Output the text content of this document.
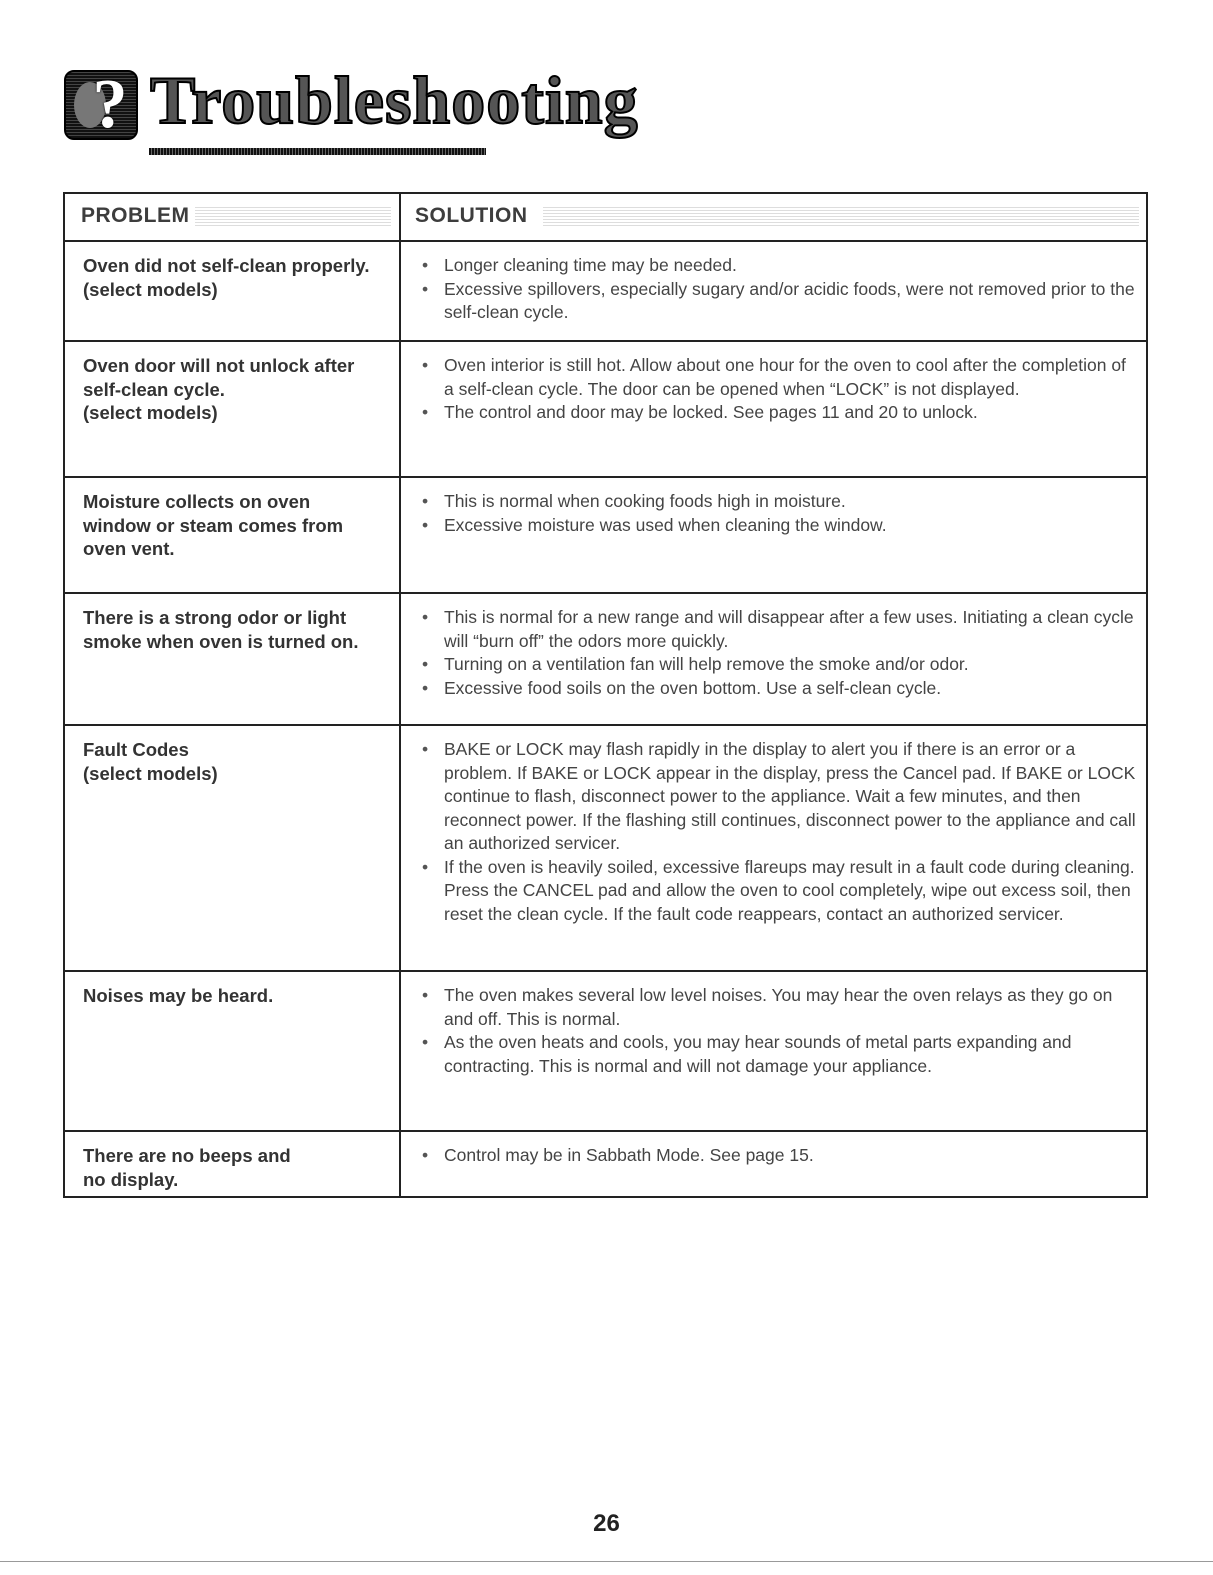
? Troubleshooting
PROBLEM	SOLUTION
Oven did not self-clean properly.
(select models)
• Longer cleaning time may be needed.
• Excessive spillovers, especially sugary and/or acidic foods, were not removed prior to the self-clean cycle.
Oven door will not unlock after
self-clean cycle.
(select models)
• Oven interior is still hot. Allow about one hour for the oven to cool after the completion of a self-clean cycle. The door can be opened when “LOCK” is not displayed.
• The control and door may be locked. See pages 11 and 20 to unlock.
Moisture collects on oven
window or steam comes from
oven vent.
• This is normal when cooking foods high in moisture.
• Excessive moisture was used when cleaning the window.
There is a strong odor or light
smoke when oven is turned on.
• This is normal for a new range and will disappear after a few uses. Initiating a clean cycle will “burn off” the odors more quickly.
• Turning on a ventilation fan will help remove the smoke and/or odor.
• Excessive food soils on the oven bottom. Use a self-clean cycle.
Fault Codes
(select models)
• BAKE or LOCK may flash rapidly in the display to alert you if there is an error or a problem. If BAKE or LOCK appear in the display, press the Cancel pad. If BAKE or LOCK continue to flash, disconnect power to the appliance. Wait a few minutes, and then reconnect power. If the flashing still continues, disconnect power to the appliance and call an authorized servicer.
• If the oven is heavily soiled, excessive flareups may result in a fault code during cleaning. Press the CANCEL pad and allow the oven to cool completely, wipe out excess soil, then reset the clean cycle. If the fault code reappears, contact an authorized servicer.
Noises may be heard.
•	The oven makes several low level noises. You may hear the oven relays as they go on and off. This is normal.
• As the oven heats and cools, you may hear sounds of metal parts expanding and contracting. This is normal and will not damage your appliance.
There are no beeps and
no display.
• Control may be in Sabbath Mode. See page 15.
26
